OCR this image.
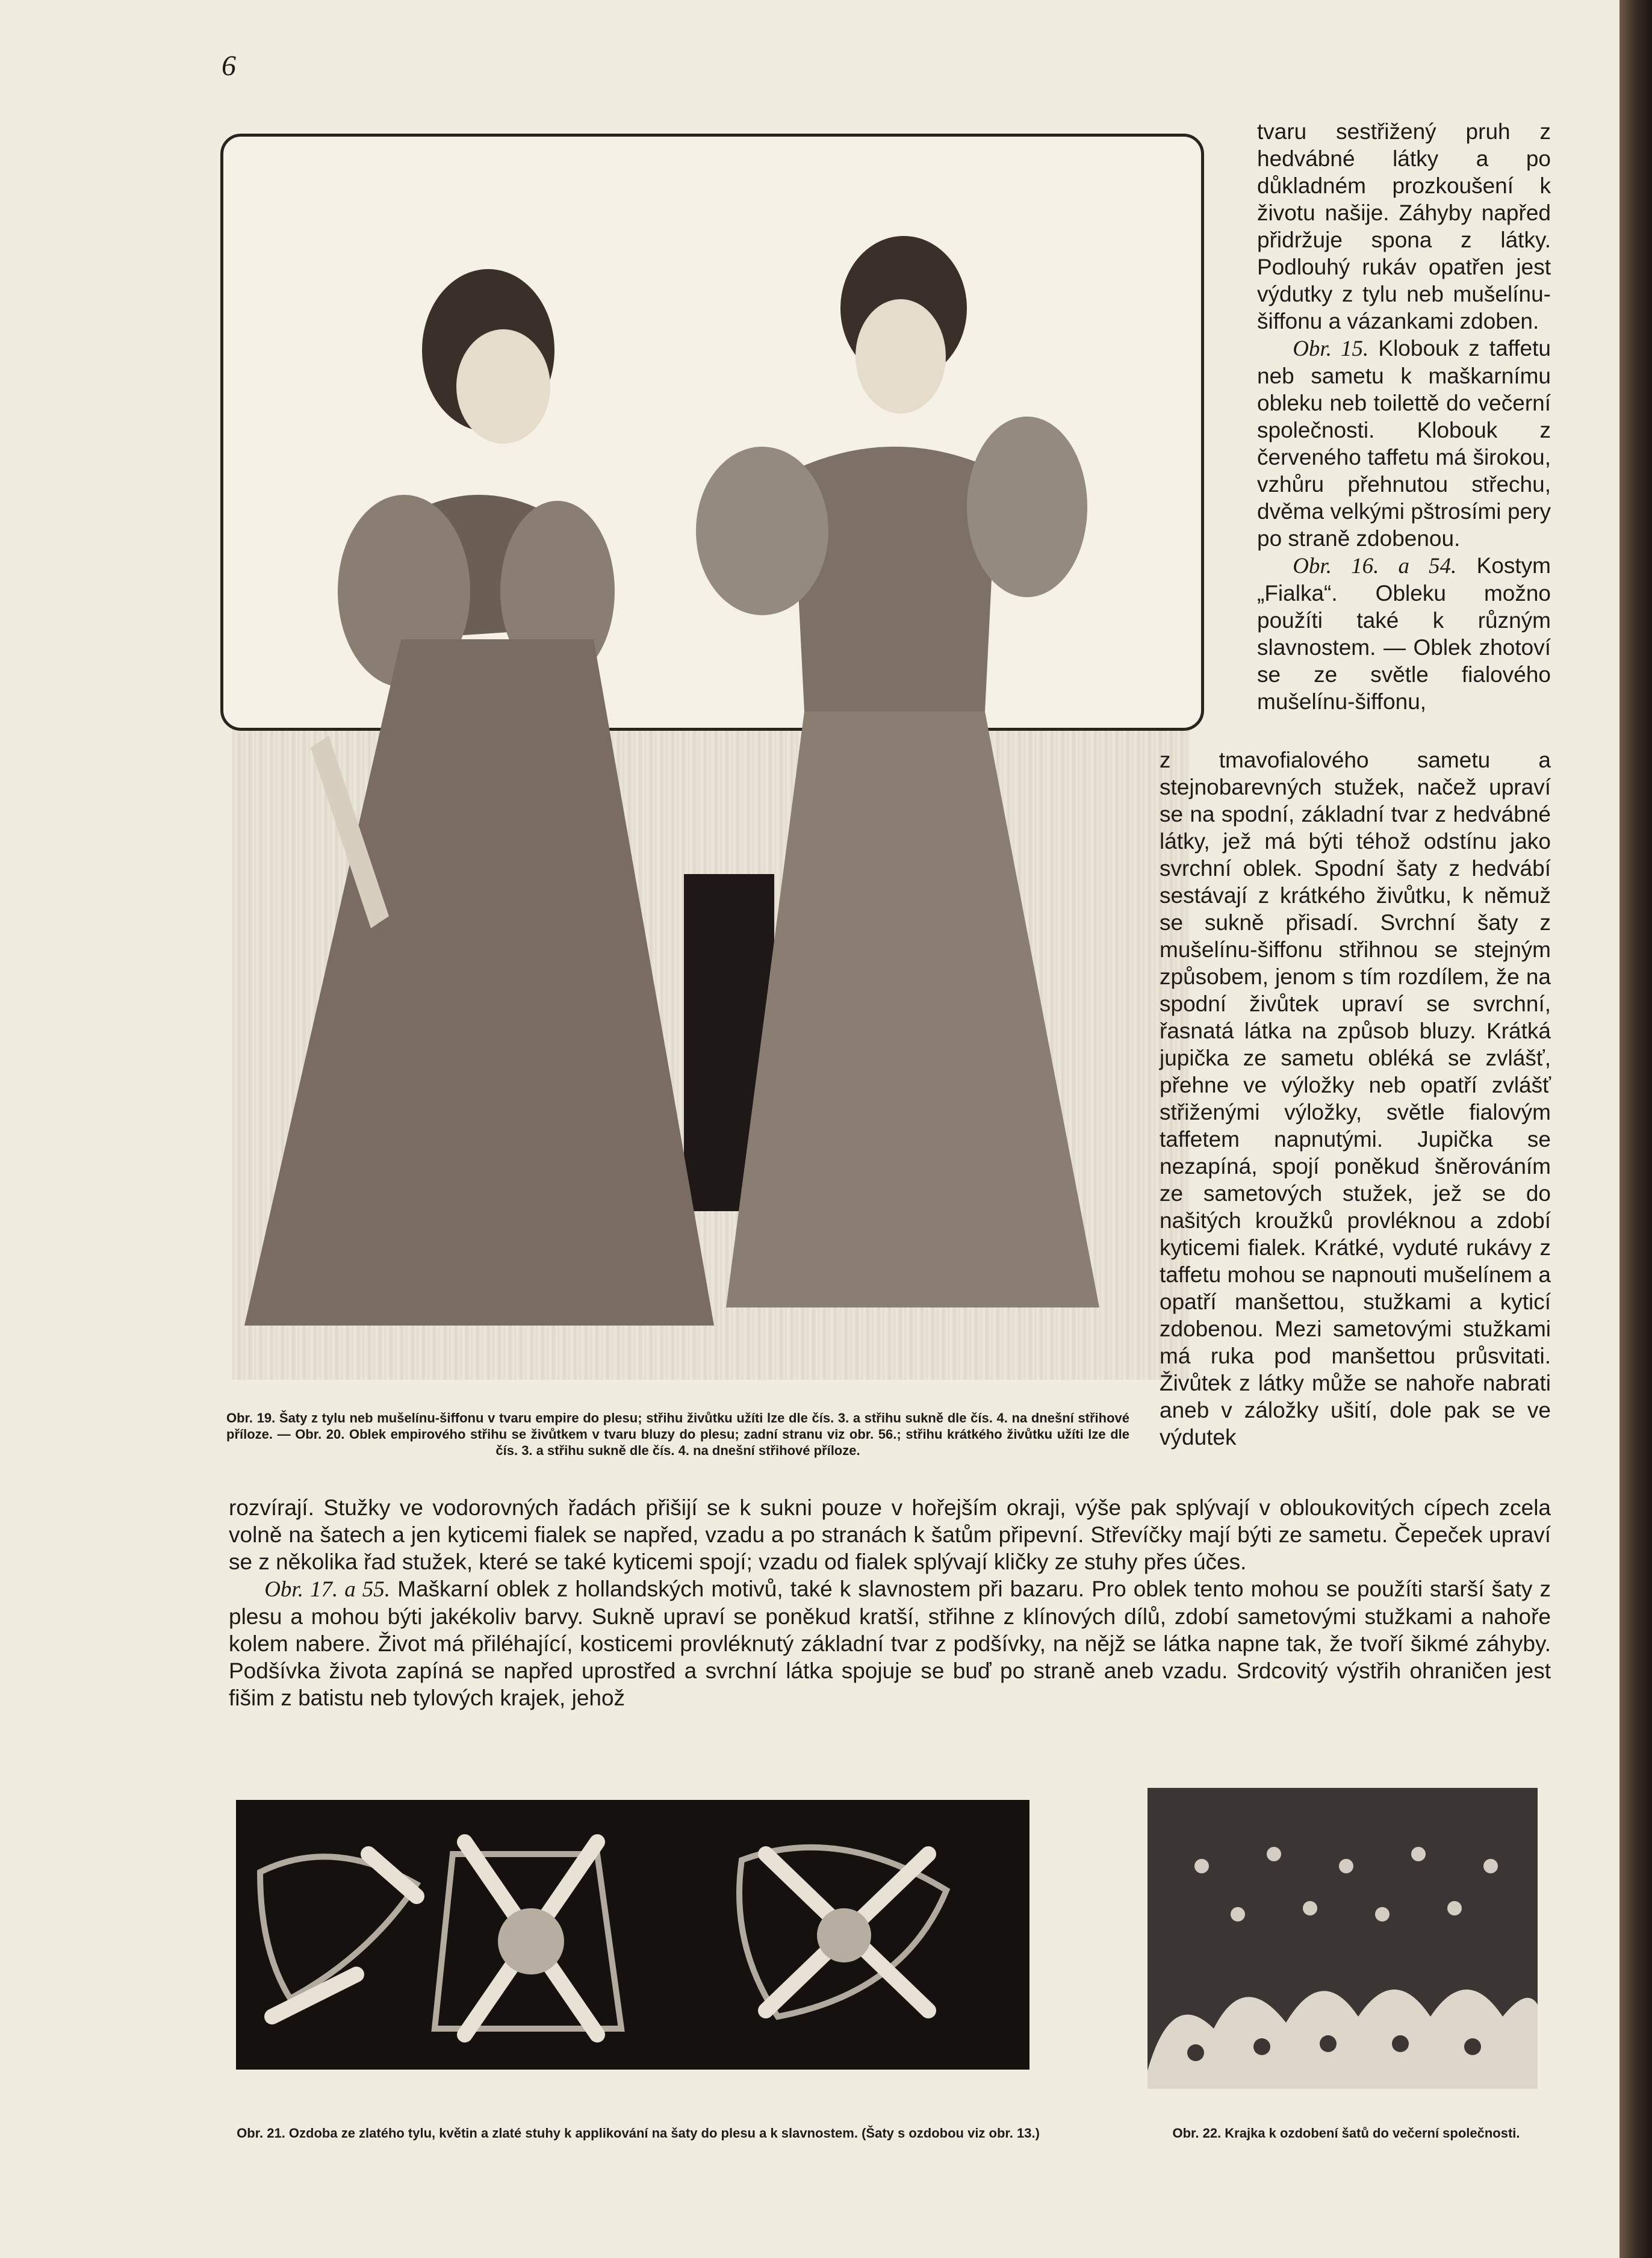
6
Obr. 19. Šaty z tylu neb mušelínu-šiffonu v tvaru empire do plesu; střihu živůtku užíti lze dle čís. 3. a střihu sukně dle čís. 4. na dnešní střihové příloze. — Obr. 20. Oblek empirového střihu se živůtkem v tvaru bluzy do plesu; zadní stranu viz obr. 56.; střihu krátkého živůtku užíti lze dle čís. 3. a střihu sukně dle čís. 4. na dnešní střihové příloze.

tvaru sestřižený pruh z hedvábné látky a po důkladném prozkoušení k životu našije. Záhyby napřed přidržuje spona z látky. Podlouhý rukáv opatřen jest výdutky z tylu neb mušelínu-šiffonu a vázankami zdoben.

Obr. 15. Klobouk z taffetu neb sametu k maškarnímu obleku neb toilettě do večerní společnosti. Klobouk z červeného taffetu má širokou, vzhůru přehnutou střechu, dvěma velkými pštrosími pery po straně zdobenou.

Obr. 16. a 54. Kostym „Fialka“. Obleku možno použíti také k různým slavnostem. — Oblek zhotoví se ze světle fialového mušelínu-šiffonu,

z tmavofialového sametu a stejnobarevných stužek, načež upraví se na spodní, základní tvar z hedvábné látky, jež má býti téhož odstínu jako svrchní oblek. Spodní šaty z hedvábí sestávají z krátkého živůtku, k němuž se sukně přisadí. Svrchní šaty z mušelínu-šiffonu střihnou se stejným způsobem, jenom s tím rozdílem, že na spodní živůtek upraví se svrchní, řasnatá látka na způsob bluzy. Krátká jupička ze sametu obléká se zvlášť, přehne ve výložky neb opatří zvlášť střiženými výložky, světle fialovým taffetem napnutými. Jupička se nezapíná, spojí poněkud šněrováním ze sametových stužek, jež se do našitých kroužků provléknou a zdobí kyticemi fialek. Krátké, vyduté rukávy z taffetu mohou se napnouti mušelínem a opatří manšettou, stužkami a kyticí zdobenou. Mezi sametovými stužkami má ruka pod manšettou průsvitati. Živůtek z látky může se nahoře nabrati aneb v záložky ušití, dole pak se ve výdutek

rozvírají. Stužky ve vodorovných řadách přišijí se k sukni pouze v hořejším okraji, výše pak splývají v obloukovitých cípech zcela volně na šatech a jen kyticemi fialek se napřed, vzadu a po stranách k šatům připevní. Střevíčky mají býti ze sametu. Čepeček upraví se z několika řad stužek, které se také kyticemi spojí; vzadu od fialek splývají kličky ze stuhy přes účes.

Obr. 17. a 55. Maškarní oblek z hollandských motivů, také k slavnostem při bazaru. Pro oblek tento mohou se použíti starší šaty z plesu a mohou býti jakékoliv barvy. Sukně upraví se poněkud kratší, střihne z klínových dílů, zdobí sametovými stužkami a nahoře kolem nabere. Život má přiléhající, kosticemi provléknutý základní tvar z podšívky, na nějž se látka napne tak, že tvoří šikmé záhyby. Podšívka života zapíná se napřed uprostřed a svrchní látka spojuje se buď po straně aneb vzadu. Srdcovitý výstřih ohraničen jest fišim z batistu neb tylových krajek, jehož

Obr. 21. Ozdoba ze zlatého tylu, květin a zlaté stuhy k applikování na šaty do plesu a k slavnostem. (Šaty s ozdobou viz obr. 13.)	Obr. 22. Krajka k ozdobení šatů do večerní společnosti.
